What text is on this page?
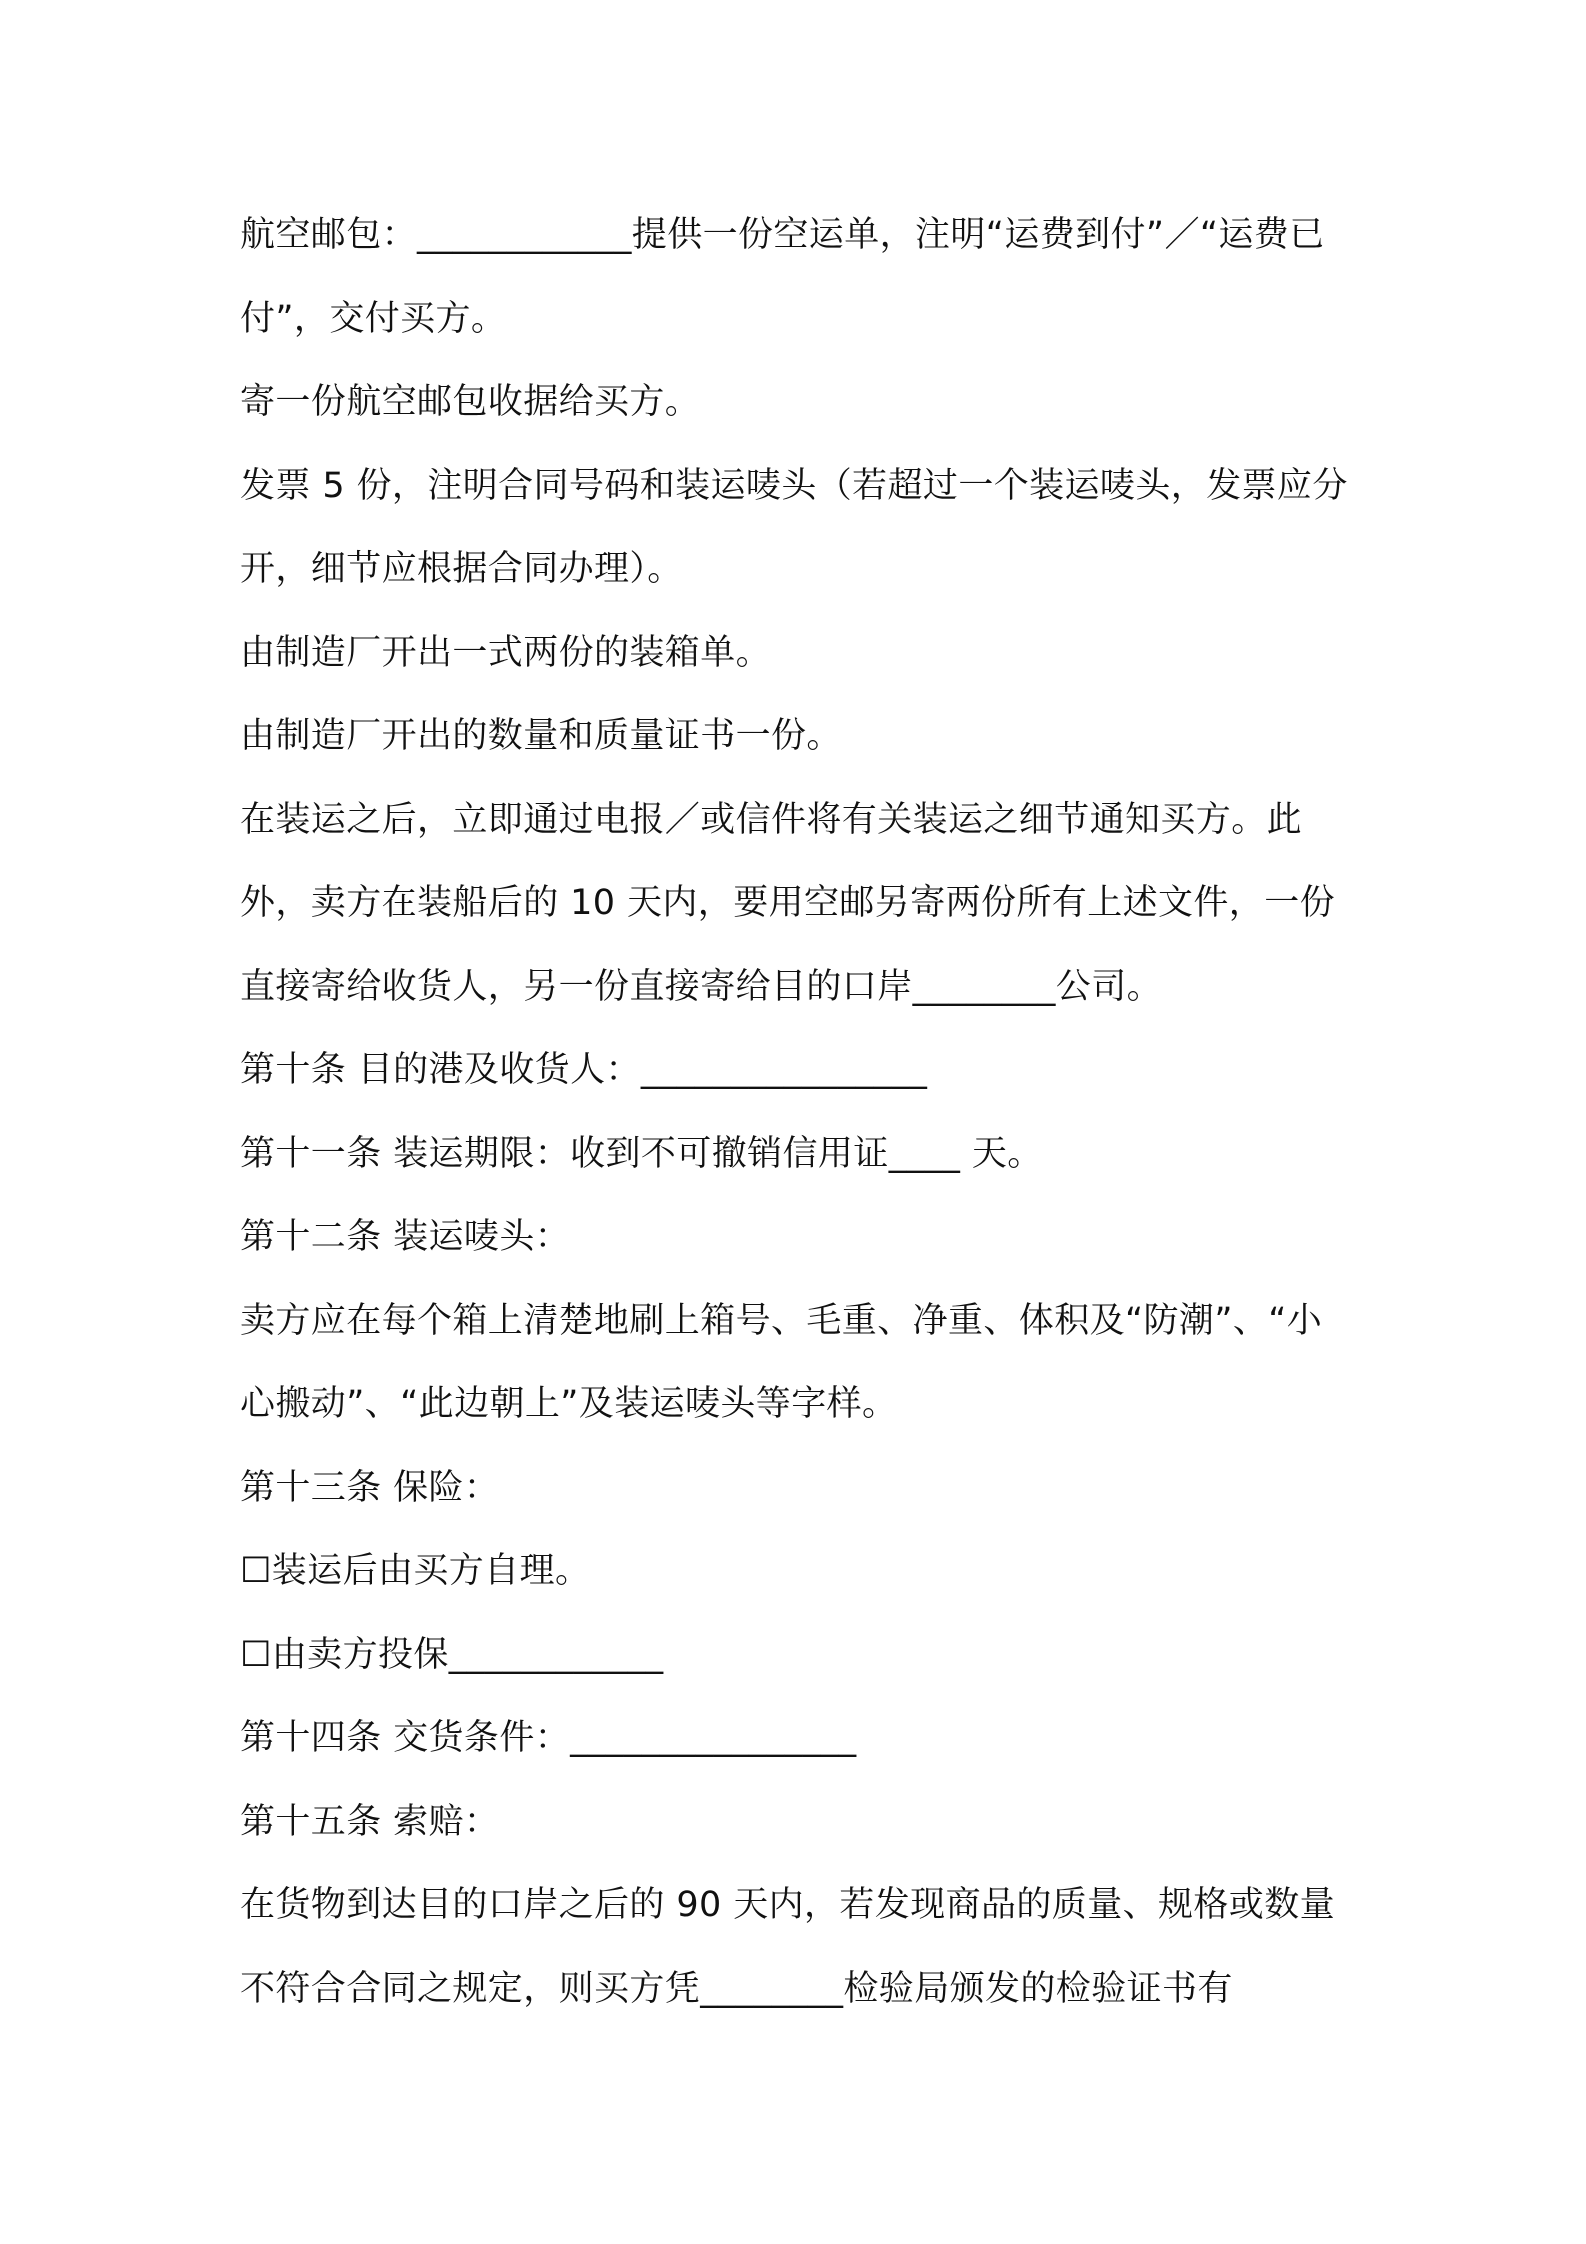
航空邮包：____________提供一份空运单，注明“运费到付”／“运费已付”，交付买方。

寄一份航空邮包收据给买方。

发票 5 份，注明合同号码和装运唛头（若超过一个装运唛头，发票应分开，细节应根据合同办理）。

由制造厂开出一式两份的装箱单。

由制造厂开出的数量和质量证书一份。

在装运之后，立即通过电报／或信件将有关装运之细节通知买方。此外，卖方在装船后的 10 天内，要用空邮另寄两份所有上述文件，一份直接寄给收货人，另一份直接寄给目的口岸________公司。

第十条 目的港及收货人：________________

第十一条 装运期限：收到不可撤销信用证____ 天。

第十二条 装运唛头：

卖方应在每个箱上清楚地刷上箱号、毛重、净重、体积及“防潮”、“小心搬动”、“此边朝上”及装运唛头等字样。

第十三条 保险：

☐装运后由买方自理。

☐由卖方投保____________

第十四条 交货条件：________________

第十五条 索赔：

在货物到达目的口岸之后的 90 天内，若发现商品的质量、规格或数量不符合合同之规定，则买方凭________检验局颁发的检验证书有
